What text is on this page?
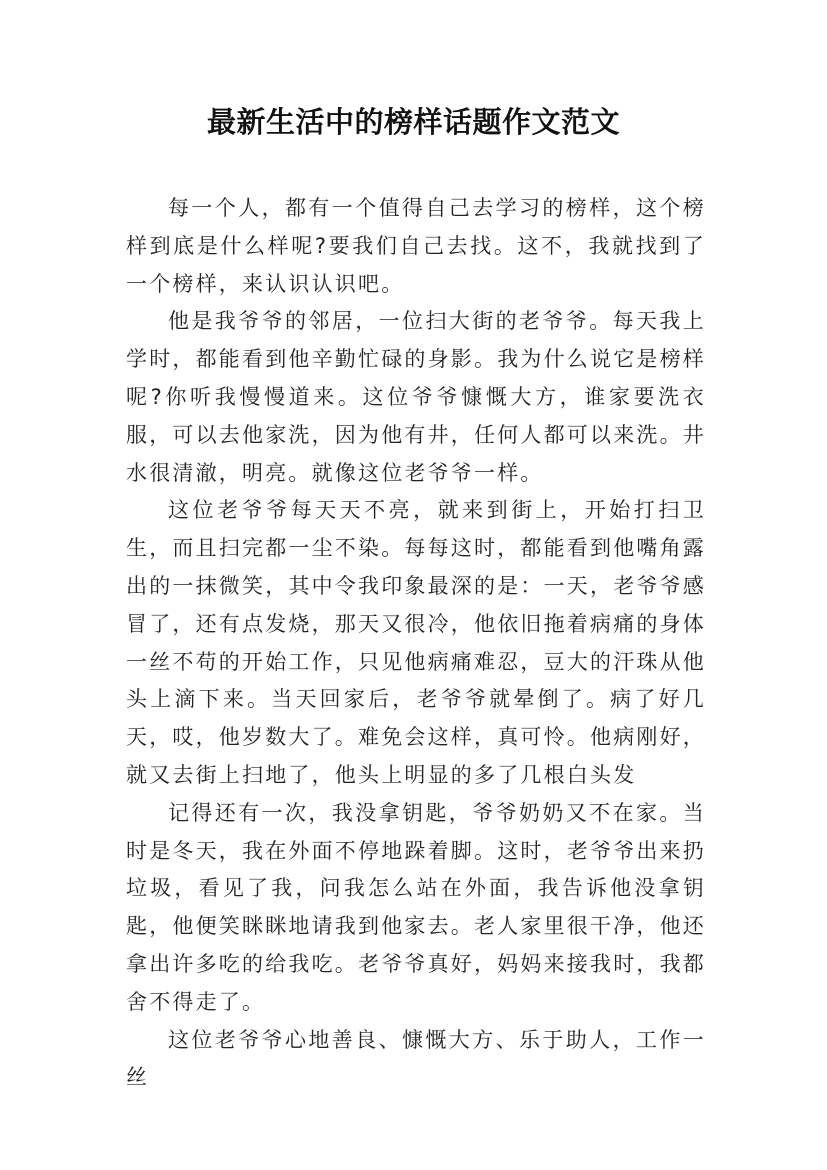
最新生活中的榜样话题作文范文

每一个人，都有一个值得自己去学习的榜样，这个榜样到底是什么样呢?要我们自己去找。这不，我就找到了一个榜样，来认识认识吧。

他是我爷爷的邻居，一位扫大街的老爷爷。每天我上学时，都能看到他辛勤忙碌的身影。我为什么说它是榜样呢?你听我慢慢道来。这位爷爷慷慨大方，谁家要洗衣服，可以去他家洗，因为他有井，任何人都可以来洗。井水很清澈，明亮。就像这位老爷爷一样。

这位老爷爷每天天不亮，就来到街上，开始打扫卫生，而且扫完都一尘不染。每每这时，都能看到他嘴角露出的一抹微笑，其中令我印象最深的是：一天，老爷爷感冒了，还有点发烧，那天又很冷，他依旧拖着病痛的身体一丝不苟的开始工作，只见他病痛难忍，豆大的汗珠从他头上滴下来。当天回家后，老爷爷就晕倒了。病了好几天，哎，他岁数大了。难免会这样，真可怜。他病刚好，就又去街上扫地了，他头上明显的多了几根白头发

记得还有一次，我没拿钥匙，爷爷奶奶又不在家。当时是冬天，我在外面不停地跺着脚。这时，老爷爷出来扔垃圾，看见了我，问我怎么站在外面，我告诉他没拿钥匙，他便笑眯眯地请我到他家去。老人家里很干净，他还拿出许多吃的给我吃。老爷爷真好，妈妈来接我时，我都舍不得走了。

这位老爷爷心地善良、慷慨大方、乐于助人，工作一丝
